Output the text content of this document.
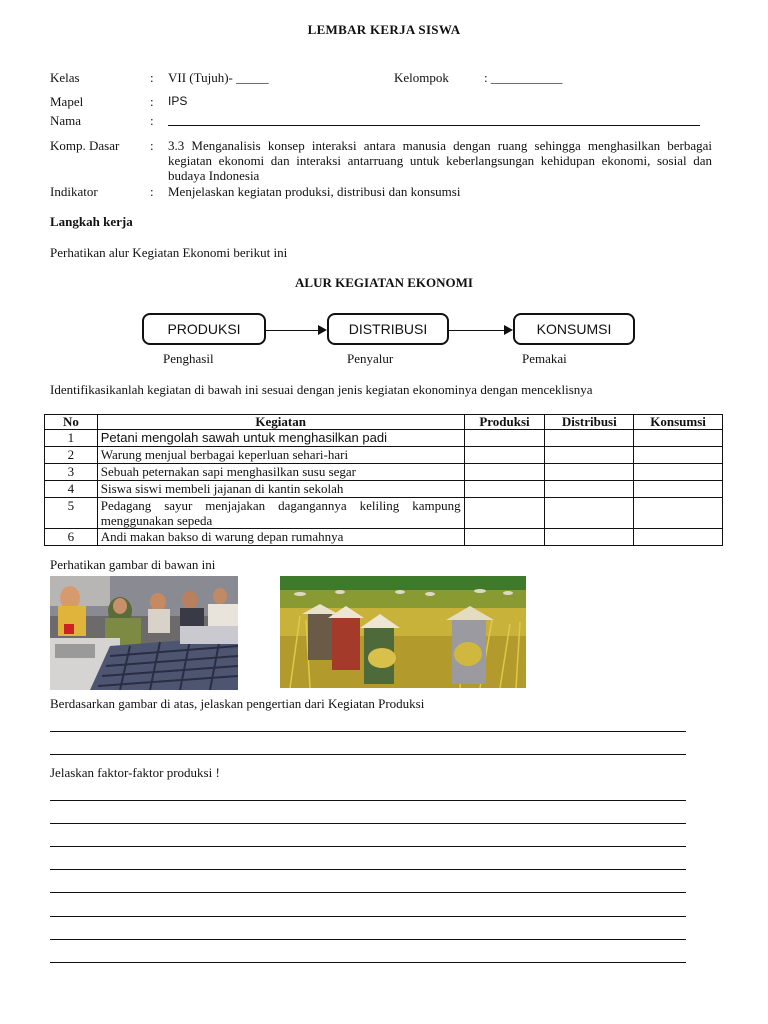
LEMBAR KERJA SISWA
Kelas	: VII (Tujuh)- _____	Kelompok	: ___________
Mapel	: IPS
Nama	:
Komp. Dasar : 3.3 Menganalisis konsep interaksi antara manusia dengan ruang sehingga menghasilkan berbagai kegiatan ekonomi dan interaksi antarruang untuk keberlangsungan kehidupan ekonomi, sosial dan budaya Indonesia
Indikator	: Menjelaskan kegiatan produksi, distribusi dan konsumsi
Langkah kerja
Perhatikan alur Kegiatan Ekonomi berikut ini
ALUR KEGIATAN EKONOMI
PRODUKSI	DISTRIBUSI	KONSUMSI
Penghasil	Penyalur	Pemakai
Identifikasikanlah kegiatan di bawah ini sesuai dengan jenis kegiatan ekonominya dengan menceklisnya
No	Kegiatan	Produksi	Distribusi	Konsumsi
1	Petani mengolah sawah untuk menghasilkan padi			
2	Warung menjual berbagai keperluan sehari-hari			
3	Sebuah peternakan sapi menghasilkan susu segar			
4	Siswa siswi membeli jajanan di kantin sekolah			
5	Pedagang sayur menjajakan dagangannya keliling kampung menggunakan sepeda			
6	Andi makan bakso di warung depan rumahnya			
Perhatikan gambar di bawan ini
Berdasarkan gambar di atas, jelaskan pengertian dari Kegiatan Produksi
Jelaskan faktor-faktor produksi !
